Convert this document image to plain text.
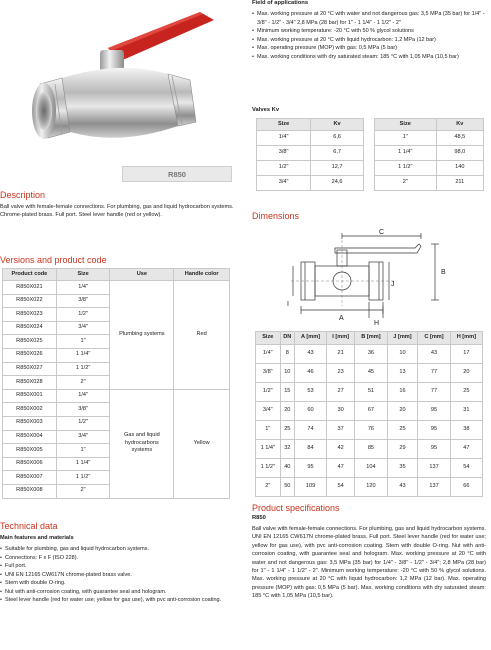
R850
Description

Ball valve with female-female connections. For plumbing, gas and liquid hydrocarbon systems. Chrome-plated brass. Full port. Steel lever handle (red or yellow).

Versions and product code
Product code	Size	Use	Handle color
R850X021	1/4"	Plumbing systems	Red
R850X022	3/8"		
R850X023	1/2"		
R850X024	3/4"		
R850X025	1"		
R850X026	1 1/4"		
R850X027	1 1/2"		
R850X028	2"		
R850X001	1/4"	Gas and liquid hydrocarbons systems	Yellow
R850X002	3/8"		
R850X003	1/2"		
R850X004	3/4"		
R850X005	1"		
R850X006	1 1/4"		
R850X007	1 1/2"		
R850X008	2"		
Technical data

Main features and materials

• Suitable for plumbing, gas and liquid hydrocarbon systems.
• Connections: F x F (ISO 228).
• Full port.
• UNI EN 12165 CW617N chrome-plated brass valve.
• Stem with double O-ring.
• Nut with anti-corrosion coating, with guarantee seal and hologram.
• Steel lever handle (red for water use; yellow for gas use), with pvc anti-corrosion coating.

Field of applications

• Max. working pressure at 20 °C with water and not dangerous gas: 3,5 MPa (35 bar) for 1/4" - 3/8" - 1/2" - 3/4" 2,8 MPa (28 bar) for 1" - 1 1/4" - 1 1/2" - 2"
• Minimum working temperature: -20 °C with 50 % glycol solutions
• Max. working pressure at 20 °C with liquid hydrocarbon: 1,2 MPa (12 bar)
• Max. operating pressure (MOP) with gas: 0,5 MPa (5 bar)
• Max. working conditions with dry saturated steam: 185 °C with 1,05 MPa (10,5 bar)

Valves Kv

Size	Kv
1/4"	6,6
3/8"	6,7
1/2"	12,7
3/4"	24,6
Size	Kv
1"	48,5
1 1/4"	98,0
1 1/2"	140
2"	211
Dimensions
C
B
A
H
J
I
Size	DN	A [mm]	I [mm]	B [mm]	J [mm]	C [mm]	H [mm]
1/4"	8	43	21	36	10	43	17
3/8"	10	46	23	45	13	77	20
1/2"	15	53	27	51	16	77	25
3/4"	20	60	30	67	20	95	31
1"	25	74	37	76	25	95	38
1 1/4"	32	84	42	85	29	95	47
1 1/2"	40	95	47	104	35	137	54
2"	50	109	54	120	43	137	66
Product specifications

R850

Ball valve with female-female connections. For plumbing, gas and liquid hydrocarbon systems. UNI EN 12165 CW617N chrome-plated brass. Full port. Steel lever handle (red for water use; yellow for gas use), with pvc anti-corrosion coating. Stem with double O-ring. Nut with anti-corrosion coating, with guarantee seal and hologram. Max. working pressure at 20 °C with water and not dangerous gas: 3,5 MPa (35 bar) for 1/4" - 3/8" - 1/2" - 3/4"; 2,8 MPa (28 bar) for 1" - 1 1/4" - 1 1/2" - 2". Minimum working temperature: -20 °C with 50 % glycol solutions. Max. working pressure at 20 °C with liquid hydrocarbon: 1,2 MPa (12 bar). Max. operating pressure (MOP) with gas: 0,5 MPa (5 bar). Max. working conditions with dry saturated steam: 185 °C with 1,05 MPa (10,5 bar).
